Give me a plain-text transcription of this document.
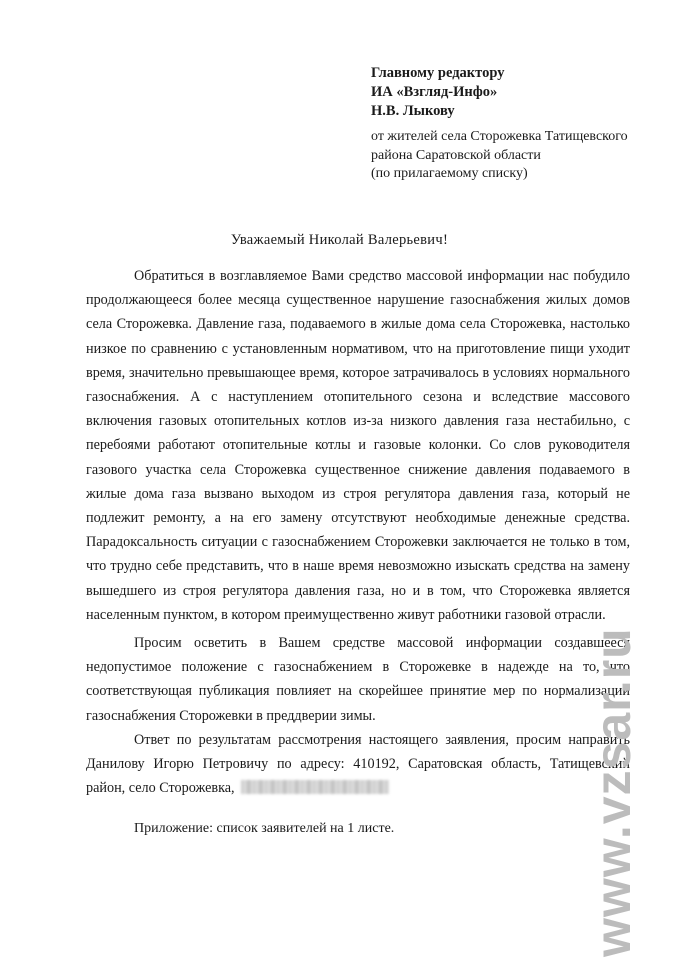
Главному редактору
ИА «Взгляд-Инфо»
Н.В. Лыкову
от жителей села Сторожевка Татищевского
района Саратовской области
(по прилагаемому списку)
Уважаемый Николай Валерьевич!

Обратиться в возглавляемое Вами средство массовой информации нас побудило продолжающееся более месяца существенное нарушение газоснабжения жилых домов села Сторожевка. Давление газа, подаваемого в жилые дома села Сторожевка, настолько низкое по сравнению с установленным нормативом, что на приготовление пищи уходит время, значительно превышающее время, которое затрачивалось в условиях нормального газоснабжения. А с наступлением отопительного сезона и вследствие массового включения газовых отопительных котлов из-за низкого давления газа нестабильно, с перебоями работают отопительные котлы и газовые колонки. Со слов руководителя газового участка села Сторожевка существенное снижение давления подаваемого в жилые дома газа вызвано выходом из строя регулятора давления газа, который не подлежит ремонту, а на его замену отсутствуют необходимые денежные средства. Парадоксальность ситуации с газоснабжением Сторожевки заключается не только в том, что трудно себе представить, что в наше время невозможно изыскать средства на замену вышедшего из строя регулятора давления газа, но и в том, что Сторожевка является населенным пунктом, в котором преимущественно живут работники газовой отрасли.

Просим осветить в Вашем средстве массовой информации создавшееся недопустимое положение с газоснабжением в Сторожевке в надежде на то, что соответствующая публикация повлияет на скорейшее принятие мер по нормализации газоснабжения Сторожевки в преддверии зимы.

Ответ по результатам рассмотрения настоящего заявления, просим направить Данилову Игорю Петровичу по адресу: 410192, Саратовская область, Татищевский район, село Сторожевка,

Приложение: список заявителей на 1 листе.	www.vzsar.ru
